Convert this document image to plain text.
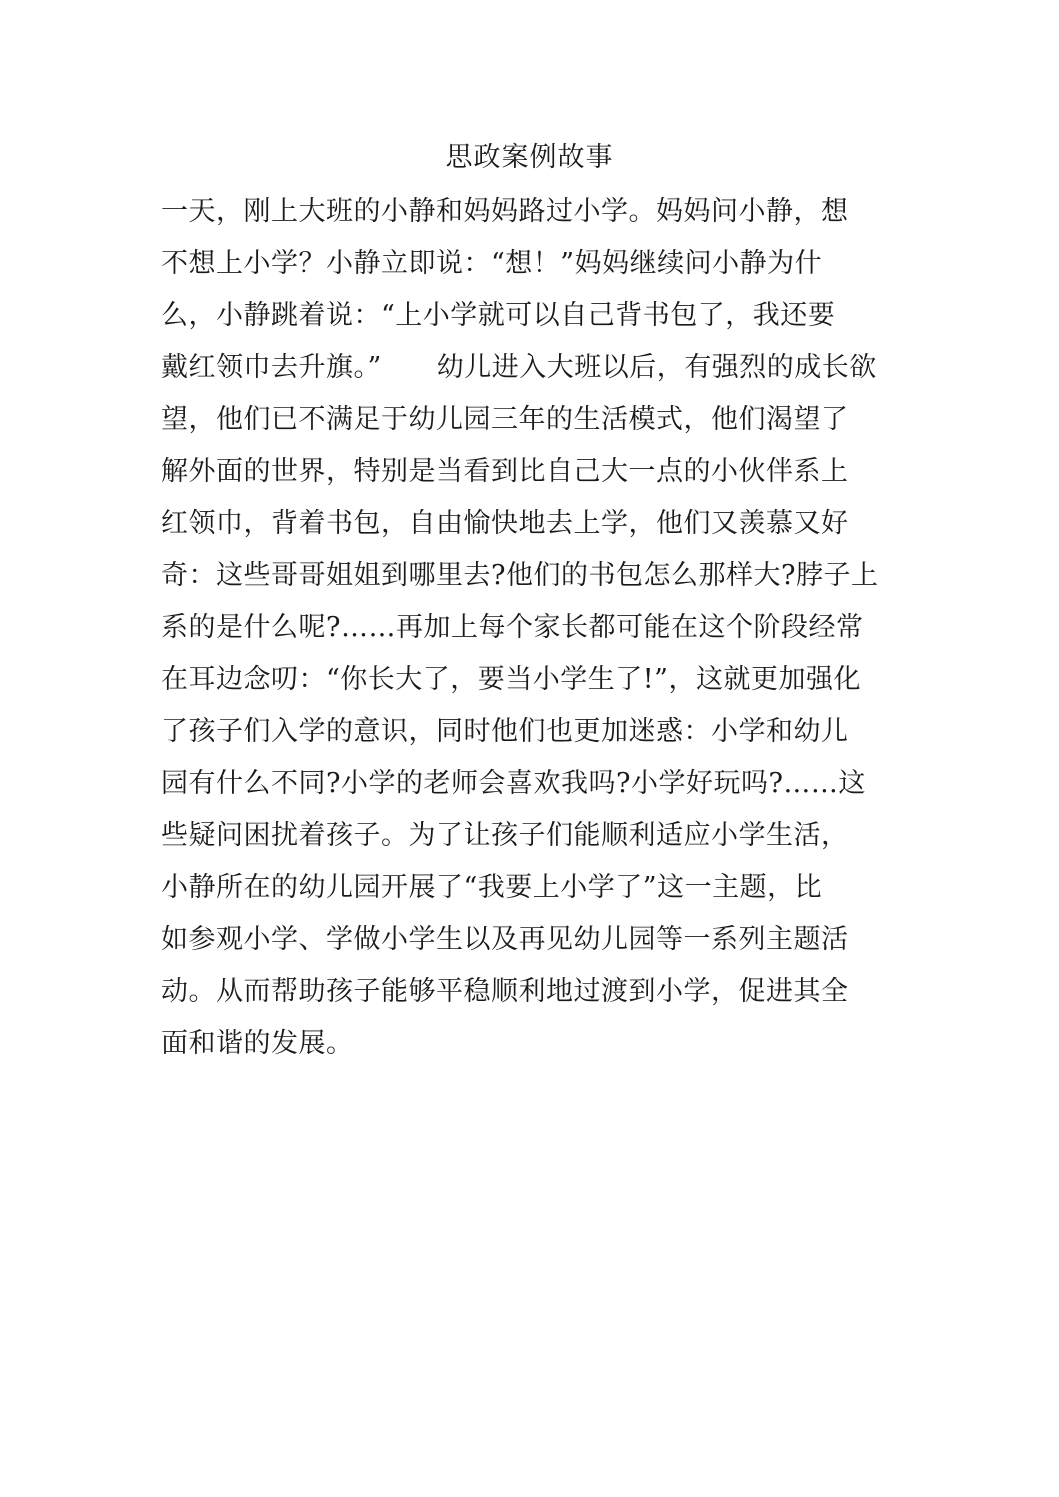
思政案例故事
一天，刚上大班的小静和妈妈路过小学。妈妈问小静，想
不想上小学？小静立即说：“想！”妈妈继续问小静为什
么，小静跳着说：“上小学就可以自己背书包了，我还要
戴红领巾去升旗。”　　幼儿进入大班以后，有强烈的成长欲
望，他们已不满足于幼儿园三年的生活模式，他们渴望了
解外面的世界，特别是当看到比自己大一点的小伙伴系上
红领巾，背着书包，自由愉快地去上学，他们又羡慕又好
奇：这些哥哥姐姐到哪里去?他们的书包怎么那样大?脖子上
系的是什么呢?……再加上每个家长都可能在这个阶段经常
在耳边念叨：“你长大了，要当小学生了!”，这就更加强化
了孩子们入学的意识，同时他们也更加迷惑：小学和幼儿
园有什么不同?小学的老师会喜欢我吗?小学好玩吗?……这
些疑问困扰着孩子。为了让孩子们能顺利适应小学生活，
小静所在的幼儿园开展了“我要上小学了”这一主题，比
如参观小学、学做小学生以及再见幼儿园等一系列主题活
动。从而帮助孩子能够平稳顺利地过渡到小学，促进其全
面和谐的发展。
